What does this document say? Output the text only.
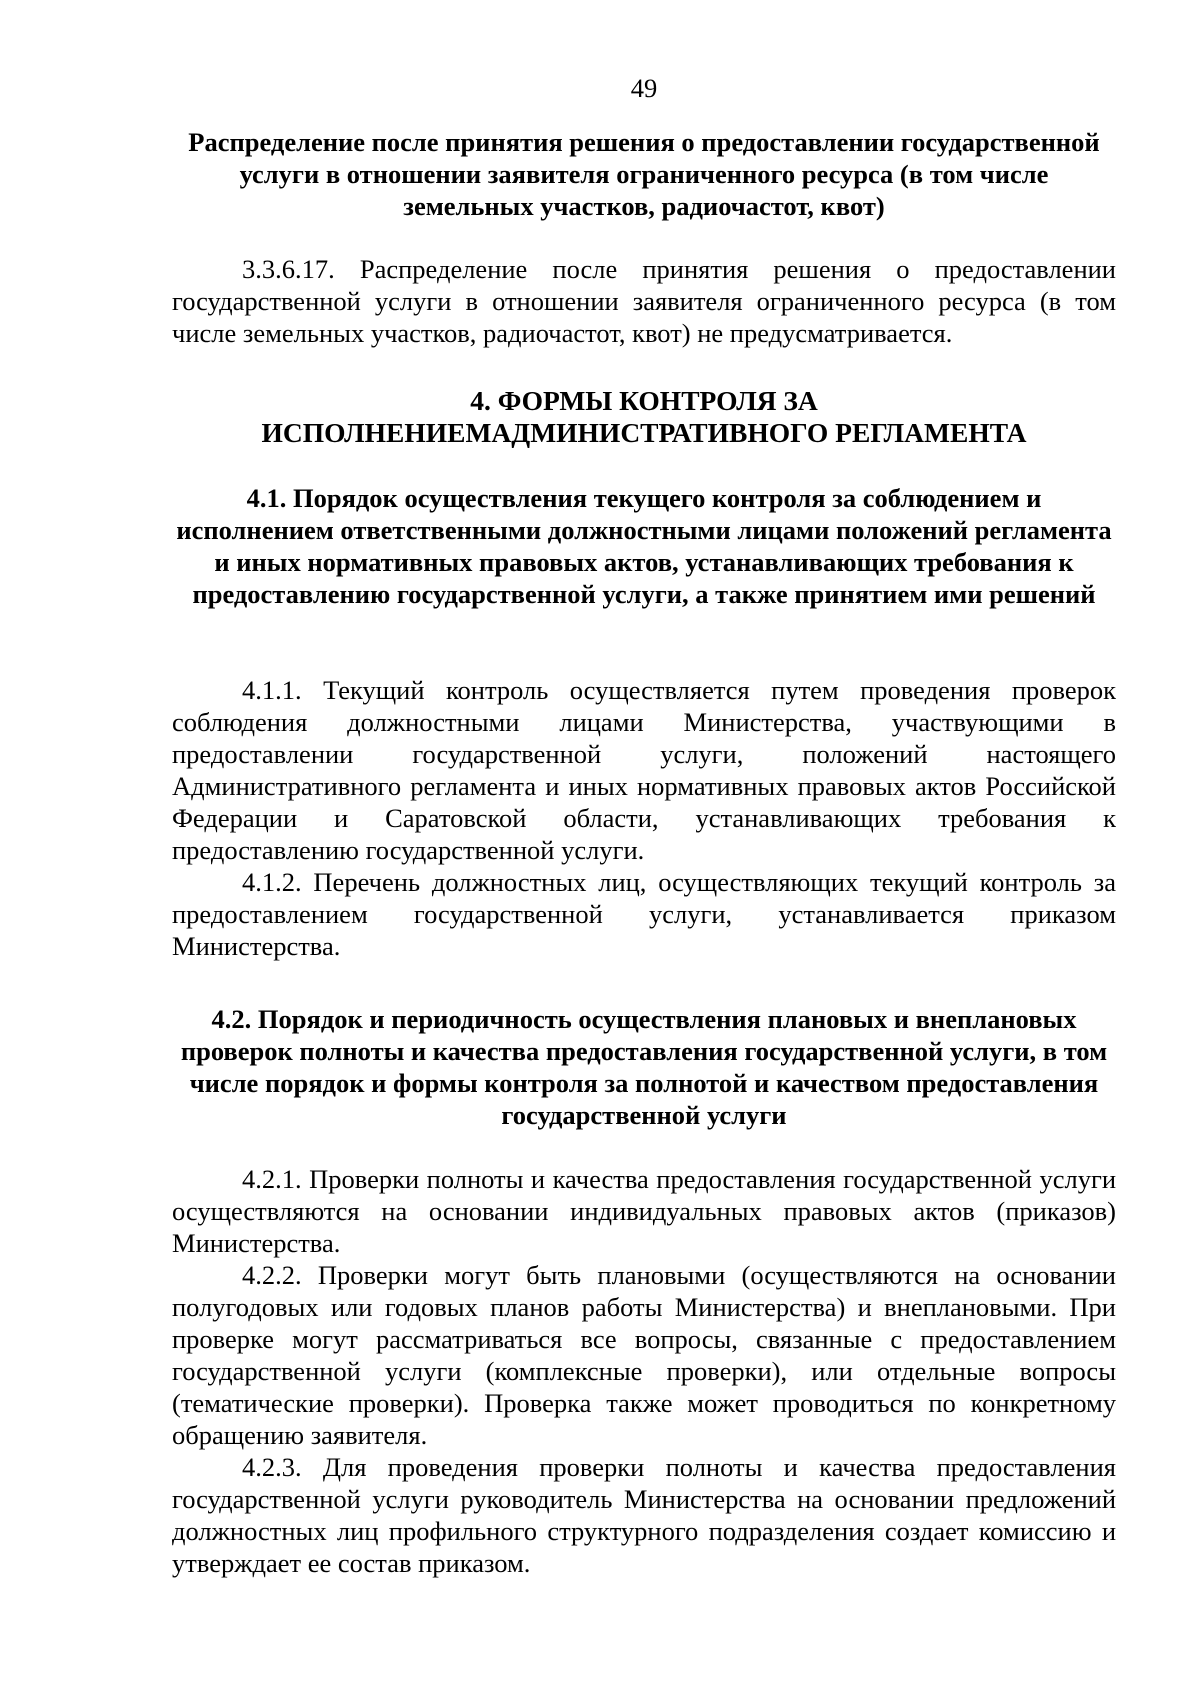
49
Распределение после принятия решения о предоставлении государственной услуги в отношении заявителя ограниченного ресурса (в том числе земельных участков, радиочастот, квот)
3.3.6.17. Распределение после принятия решения о предоставлении государственной услуги в отношении заявителя ограниченного ресурса (в том числе земельных участков, радиочастот, квот) не предусматривается.
4. ФОРМЫ КОНТРОЛЯ ЗА
ИСПОЛНЕНИЕМАДМИНИСТРАТИВНОГО РЕГЛАМЕНТА
4.1. Порядок осуществления текущего контроля за соблюдением и исполнением ответственными должностными лицами положений регламента и иных нормативных правовых актов, устанавливающих требования к предоставлению государственной услуги, а также принятием ими решений
4.1.1. Текущий контроль осуществляется путем проведения проверок соблюдения должностными лицами Министерства, участвующими в предоставлении государственной услуги, положений настоящего Административного регламента и иных нормативных правовых актов Российской Федерации и Саратовской области, устанавливающих требования к предоставлению государственной услуги.
4.1.2. Перечень должностных лиц, осуществляющих текущий контроль за предоставлением государственной услуги, устанавливается приказом Министерства.
4.2. Порядок и периодичность осуществления плановых и внеплановых проверок полноты и качества предоставления государственной услуги, в том числе порядок и формы контроля за полнотой и качеством предоставления государственной услуги
4.2.1. Проверки полноты и качества предоставления государственной услуги осуществляются на основании индивидуальных правовых актов (приказов) Министерства.
4.2.2. Проверки могут быть плановыми (осуществляются на основании полугодовых или годовых планов работы Министерства) и внеплановыми. При проверке могут рассматриваться все вопросы, связанные с предоставлением государственной услуги (комплексные проверки), или отдельные вопросы (тематические проверки). Проверка также может проводиться по конкретному обращению заявителя.
4.2.3. Для проведения проверки полноты и качества предоставления государственной услуги руководитель Министерства на основании предложений должностных лиц профильного структурного подразделения создает комиссию и утверждает ее состав приказом.
